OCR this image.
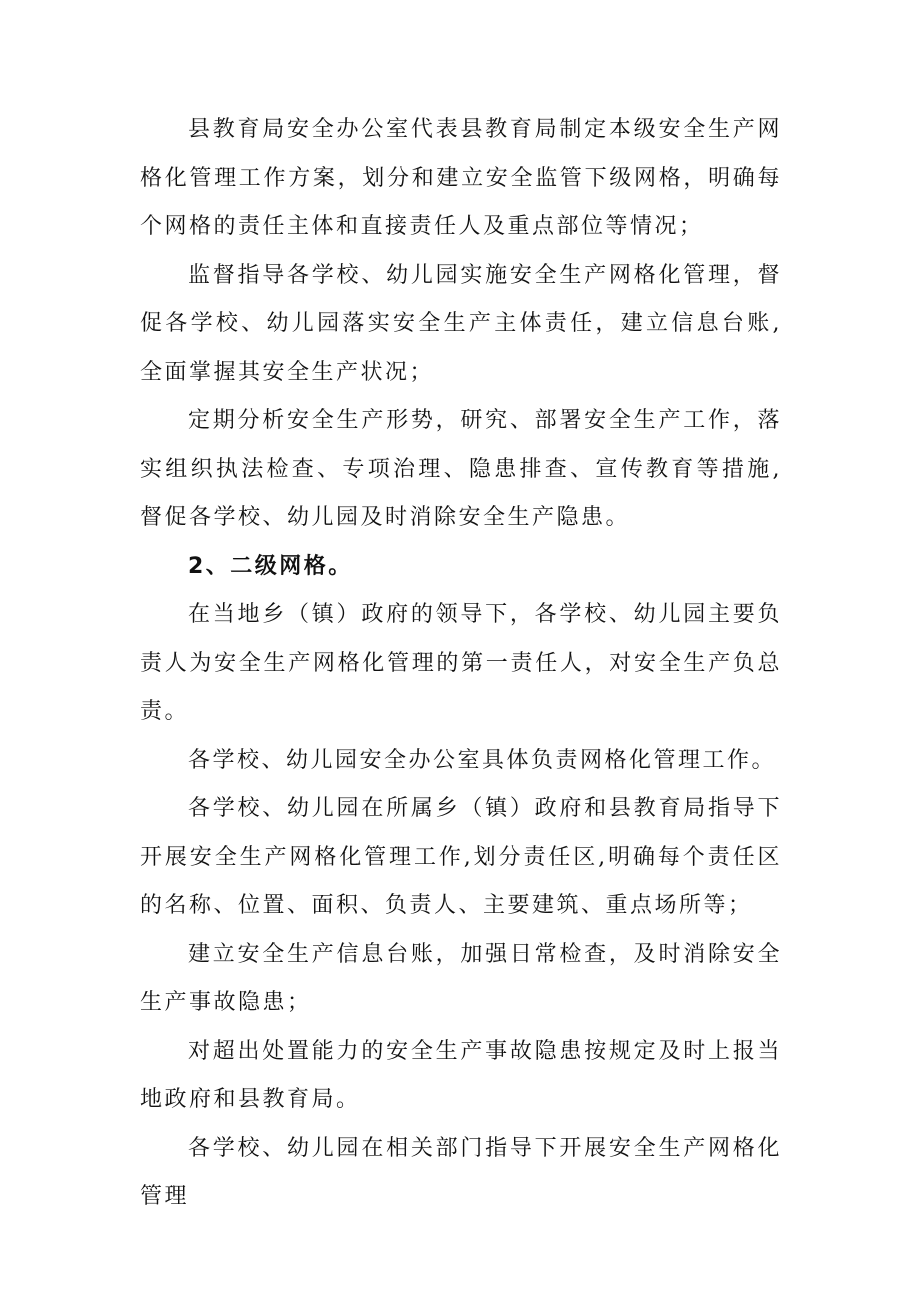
县教育局安全办公室代表县教育局制定本级安全生产网格化管理工作方案，划分和建立安全监管下级网格，明确每个网格的责任主体和直接责任人及重点部位等情况；

监督指导各学校、幼儿园实施安全生产网格化管理，督促各学校、幼儿园落实安全生产主体责任，建立信息台账,全面掌握其安全生产状况；

定期分析安全生产形势，研究、部署安全生产工作，落实组织执法检查、专项治理、隐患排查、宣传教育等措施,督促各学校、幼儿园及时消除安全生产隐患。

2、二级网格。

在当地乡（镇）政府的领导下，各学校、幼儿园主要负责人为安全生产网格化管理的第一责任人，对安全生产负总责。

各学校、幼儿园安全办公室具体负责网格化管理工作。

各学校、幼儿园在所属乡（镇）政府和县教育局指导下开展安全生产网格化管理工作,划分责任区,明确每个责任区的名称、位置、面积、负责人、主要建筑、重点场所等；

建立安全生产信息台账，加强日常检查，及时消除安全生产事故隐患；

对超出处置能力的安全生产事故隐患按规定及时上报当地政府和县教育局。

各学校、幼儿园在相关部门指导下开展安全生产网格化管理
